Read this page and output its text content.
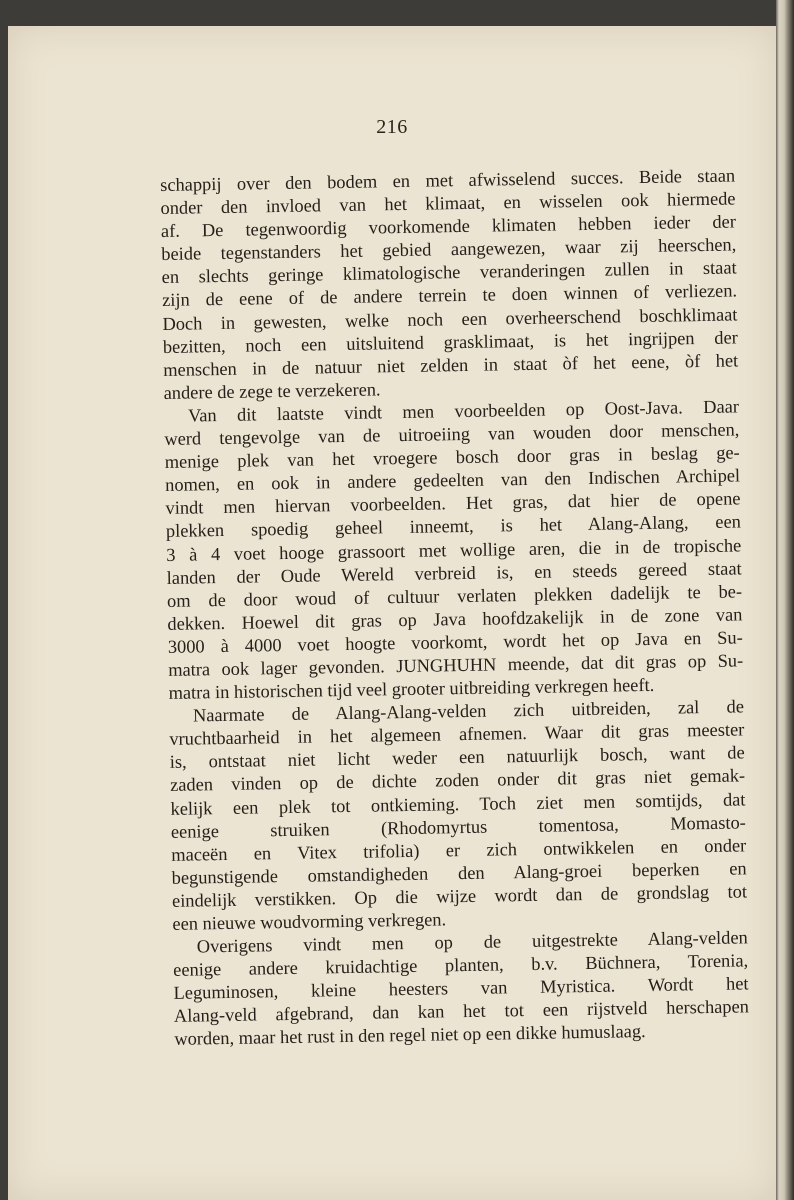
216
schappij over den bodem en met afwisselend succes. Beide staan
onder den invloed van het klimaat, en wisselen ook hiermede
af. De tegenwoordig voorkomende klimaten hebben ieder der
beide tegenstanders het gebied aangewezen, waar zij heerschen,
en slechts geringe klimatologische veranderingen zullen in staat
zijn de eene of de andere terrein te doen winnen of verliezen.
Doch in gewesten, welke noch een overheerschend boschklimaat
bezitten, noch een uitsluitend grasklimaat, is het ingrijpen der
menschen in de natuur niet zelden in staat òf het eene, òf het
andere de zege te verzekeren.
Van dit laatste vindt men voorbeelden op Oost-Java. Daar
werd tengevolge van de uitroeiing van wouden door menschen,
menige plek van het vroegere bosch door gras in beslag ge-
nomen, en ook in andere gedeelten van den Indischen Archipel
vindt men hiervan voorbeelden. Het gras, dat hier de opene
plekken spoedig geheel inneemt, is het Alang-Alang, een
3 à 4 voet hooge grassoort met wollige aren, die in de tropische
landen der Oude Wereld verbreid is, en steeds gereed staat
om de door woud of cultuur verlaten plekken dadelijk te be-
dekken. Hoewel dit gras op Java hoofdzakelijk in de zone van
3000 à 4000 voet hoogte voorkomt, wordt het op Java en Su-
matra ook lager gevonden. JUNGHUHN meende, dat dit gras op Su-
matra in historischen tijd veel grooter uitbreiding verkregen heeft.
Naarmate de Alang-Alang-velden zich uitbreiden, zal de
vruchtbaarheid in het algemeen afnemen. Waar dit gras meester
is, ontstaat niet licht weder een natuurlijk bosch, want de
zaden vinden op de dichte zoden onder dit gras niet gemak-
kelijk een plek tot ontkieming. Toch ziet men somtijds, dat
eenige struiken (Rhodomyrtus tomentosa, Momasto-
maceën en Vitex trifolia) er zich ontwikkelen en onder
begunstigende omstandigheden den Alang-groei beperken en
eindelijk verstikken. Op die wijze wordt dan de grondslag tot
een nieuwe woudvorming verkregen.
Overigens vindt men op de uitgestrekte Alang-velden
eenige andere kruidachtige planten, b.v. Büchnera, Torenia,
Leguminosen, kleine heesters van Myristica. Wordt het
Alang-veld afgebrand, dan kan het tot een rijstveld herschapen
worden, maar het rust in den regel niet op een dikke humuslaag.
